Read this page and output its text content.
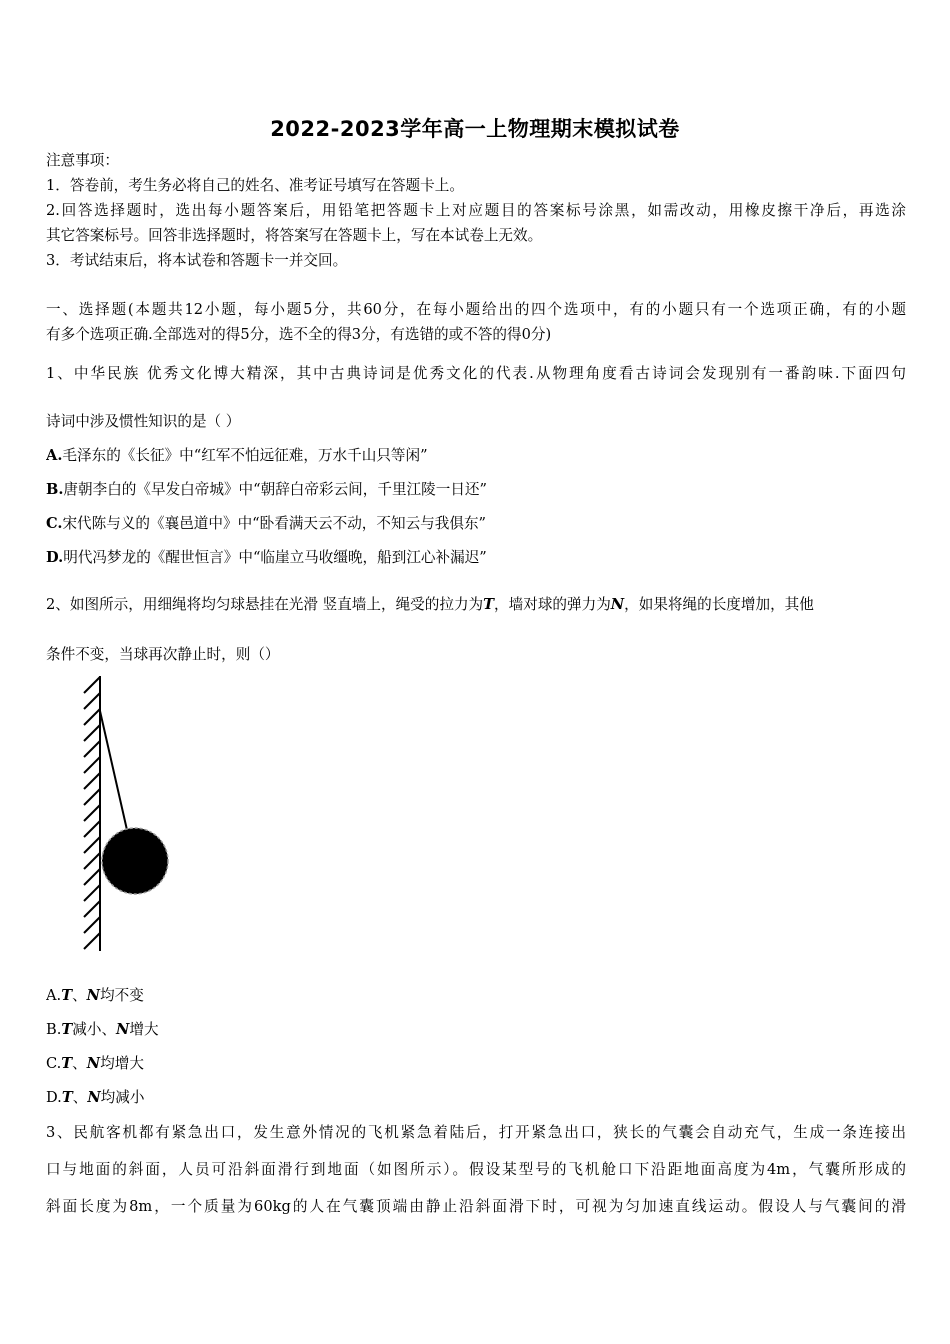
2022-2023学年高一上物理期末模拟试卷
注意事项：
1．答卷前，考生务必将自己的姓名、准考证号填写在答题卡上。
2.回答选择题时，选出每小题答案后，用铅笔把答题卡上对应题目的答案标号涂黑，如需改动，用橡皮擦干净后，再选涂
其它答案标号。回答非选择题时，将答案写在答题卡上，写在本试卷上无效。
3．考试结束后，将本试卷和答题卡一并交回。
一、选择题(本题共12小题，每小题5分，共60分，在每小题给出的四个选项中，有的小题只有一个选项正确，有的小题
有多个选项正确.全部选对的得5分，选不全的得3分，有选错的或不答的得0分)
1、中华民族 优秀文化博大精深，其中古典诗词是优秀文化的代表.从物理角度看古诗词会发现别有一番韵味.下面四句
诗词中涉及惯性知识的是（ ）
A.毛泽东的《长征》中“红军不怕远征难，万水千山只等闲”
B.唐朝李白的《早发白帝城》中“朝辞白帝彩云间，千里江陵一日还”
C.宋代陈与义的《襄邑道中》中“卧看满天云不动，不知云与我俱东”
D.明代冯梦龙的《醒世恒言》中“临崖立马收缰晚，船到江心补漏迟”
2、如图所示，用细绳将均匀球悬挂在光滑 竖直墙上，绳受的拉力为T，墙对球的弹力为N，如果将绳的长度增加，其他
条件不变，当球再次静止时，则（）
A.T、N均不变
B.T减小、N增大
C.T、N均增大
D.T、N均减小
3、民航客机都有紧急出口，发生意外情况的飞机紧急着陆后，打开紧急出口，狭长的气囊会自动充气，生成一条连接出
口与地面的斜面，人员可沿斜面滑行到地面（如图所示）。假设某型号的飞机舱口下沿距地面高度为4m，气囊所形成的
斜面长度为8m，一个质量为60kg的人在气囊顶端由静止沿斜面滑下时，可视为匀加速直线运动。假设人与气囊间的滑
